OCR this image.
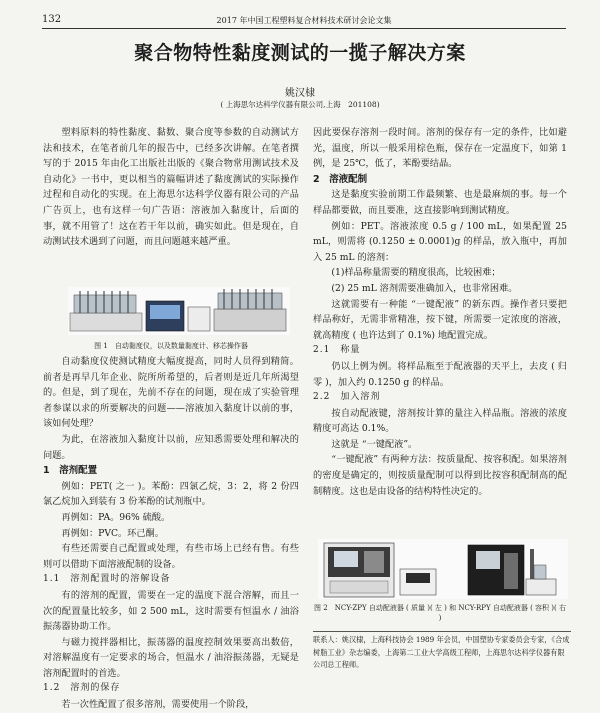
132	2017 年中国工程塑料复合材料技术研讨会论文集
聚合物特性黏度测试的一揽子解决方案
姚汉棣
( 上海思尔达科学仪器有限公司,上海　201108)

塑料原料的特性黏度、黏数、聚合度等参数的自动测试方法和技术，在笔者前几年的报告中，已经多次讲解。在笔者撰写的于 2015 年由化工出版社出版的《聚合物常用测试技术及自动化》一书中，更以相当的篇幅讲述了黏度测试的实际操作过程和自动化的实现。在上海思尔达科学仪器有限公司的产品广告页上，也有这样一句广告语：溶液加入黏度计，后面的事，就不用管了！这在若干年以前，确实如此。但是现在，自动测试技术遇到了问题，而且问题越来越严重。

图 1　自动黏度仪，以及数量黏度计、移芯操作器

自动黏度仪使测试精度大幅度提高，同时人员得到精简。前者是再早几年企业、院所所希望的，后者则是近几年所渴望的。但是，到了现在，先前不存在的问题，现在成了实验管理者参谋以求的所要解决的问题——溶液加入黏度计以前的事，该如何处理？

为此，在溶液加入黏度计以前，应知悉需要处理和解决的问题。

1　溶剂配置

例如：PET( 之一 )。苯酚：四氯乙烷，3：2，将 2 份四氯乙烷加入到装有 3 份苯酚的试剂瓶中。

再例如：PA。96% 硫酸。

再例如：PVC。环己酮。

有些还需要自己配置或处理，有些市场上已经有售。有些则可以借助下面溶液配制的设备。

1.1　溶剂配置时的溶解设备

有的溶剂的配置，需要在一定的温度下混合溶解，而且一次的配置量比较多，如 2 500 mL，这时需要有恒温水 / 油浴振荡器协助工作。

与磁力搅拌器相比，振荡器的温度控制效果要高出数倍，对溶解温度有一定要求的场合，恒温水 / 油浴振荡器，无疑是溶剂配置时的首选。

1.2　溶剂的保存

若一次性配置了很多溶剂，需要使用一个阶段，

因此要保存溶剂一段时间。溶剂的保存有一定的条件，比如避光，温度，所以一般采用棕色瓶，保存在一定温度下，如第 1 例，是 25℃，低了，苯酚要结晶。

2　溶液配制

这是黏度实验前期工作最频繁、也是最麻烦的事。每一个样品都要做，而且要准，这直接影响到测试精度。

例如：PET。溶液浓度 0.5 g / 100 mL，如果配置 25 mL，则需将 (0.1250 ± 0.0001)g 的样品，放入瓶中，再加入 25 mL 的溶剂：

(1)样品称量需要的精度很高，比较困难；

(2) 25 mL 溶剂需要准确加入，也非常困难。

这就需要有一种能 “一键配液” 的新东西。操作者只要把样品称好，无需非常精准，按下键，所需要一定浓度的溶液，就高精度 ( 也许达到了 0.1%) 地配置完成。

2.1　称量

仍以上例为例。将样品瓶至于配液器的天平上，去皮 ( 归零 )，加入约 0.1250 g 的样品。

2.2　加入溶剂

按自动配液键，溶剂按计算的量注入样品瓶。溶液的浓度精度可高达 0.1%。

这就是 “一键配液”。

“一键配液” 有两种方法：按质量配、按容积配。如果溶剂的密度是确定的，则按质量配制可以得到比按容积配制高的配制精度。这也是由设备的结构特性决定的。

图 2　NCY-ZPY 自动配液器 ( 质量 )( 左 ) 和 NCY-RPY 自动配液器 ( 容积 )( 右 )
联系人：姚汉棣，上海科技协会 1989 年会员，中国塑协专家委员会专家，《合成树脂工业》杂志编委，上海第二工业大学高级工程师，上海思尔达科学仪器有限公司总工程师。
